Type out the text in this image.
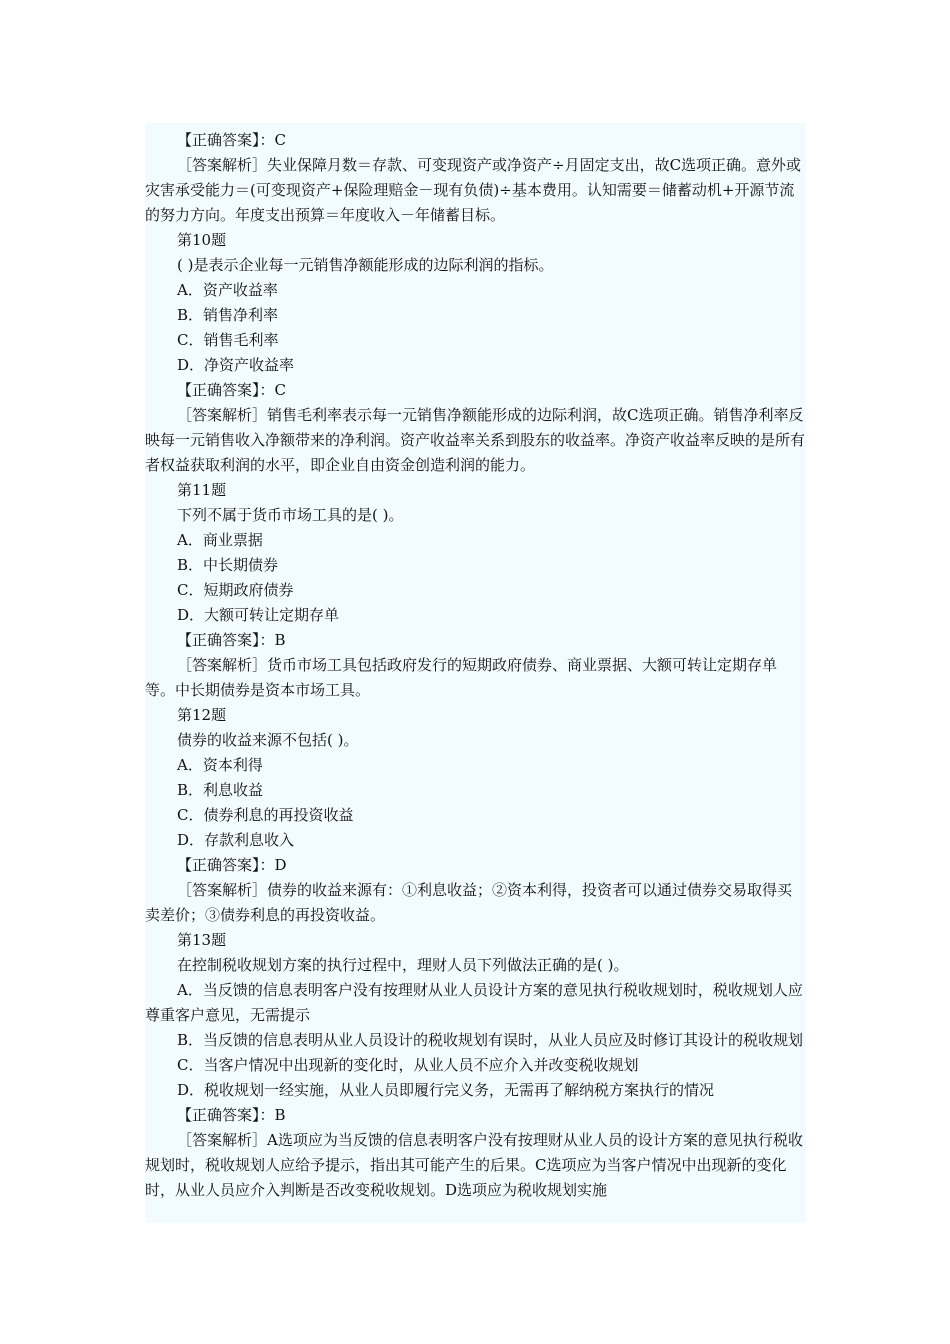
【正确答案】：C

［答案解析］失业保障月数＝存款、可变现资产或净资产÷月固定支出，故C选项正确。意外或灾害承受能力＝(可变现资产+保险理赔金－现有负债)÷基本费用。认知需要＝储蓄动机+开源节流的努力方向。年度支出预算＝年度收入－年储蓄目标。

第10题

( )是表示企业每一元销售净额能形成的边际利润的指标。

A．资产收益率

B．销售净利率

C．销售毛利率

D．净资产收益率

【正确答案】：C

［答案解析］销售毛利率表示每一元销售净额能形成的边际利润，故C选项正确。销售净利率反映每一元销售收入净额带来的净利润。资产收益率关系到股东的收益率。净资产收益率反映的是所有者权益获取利润的水平，即企业自由资金创造利润的能力。

第11题

下列不属于货币市场工具的是( )。

A．商业票据

B．中长期债券

C．短期政府债券

D．大额可转让定期存单

【正确答案】：B

［答案解析］货币市场工具包括政府发行的短期政府债券、商业票据、大额可转让定期存单等。中长期债券是资本市场工具。

第12题

债券的收益来源不包括( )。

A．资本利得

B．利息收益

C．债券利息的再投资收益

D．存款利息收入

【正确答案】：D

［答案解析］债券的收益来源有：①利息收益；②资本利得，投资者可以通过债券交易取得买卖差价；③债券利息的再投资收益。

第13题

在控制税收规划方案的执行过程中，理财人员下列做法正确的是( )。

A．当反馈的信息表明客户没有按理财从业人员设计方案的意见执行税收规划时，税收规划人应尊重客户意见，无需提示

B．当反馈的信息表明从业人员设计的税收规划有误时，从业人员应及时修订其设计的税收规划

C．当客户情况中出现新的变化时，从业人员不应介入并改变税收规划

D．税收规划一经实施，从业人员即履行完义务，无需再了解纳税方案执行的情况

【正确答案】：B

［答案解析］A选项应为当反馈的信息表明客户没有按理财从业人员的设计方案的意见执行税收规划时，税收规划人应给予提示，指出其可能产生的后果。C选项应为当客户情况中出现新的变化时，从业人员应介入判断是否改变税收规划。D选项应为税收规划实施
